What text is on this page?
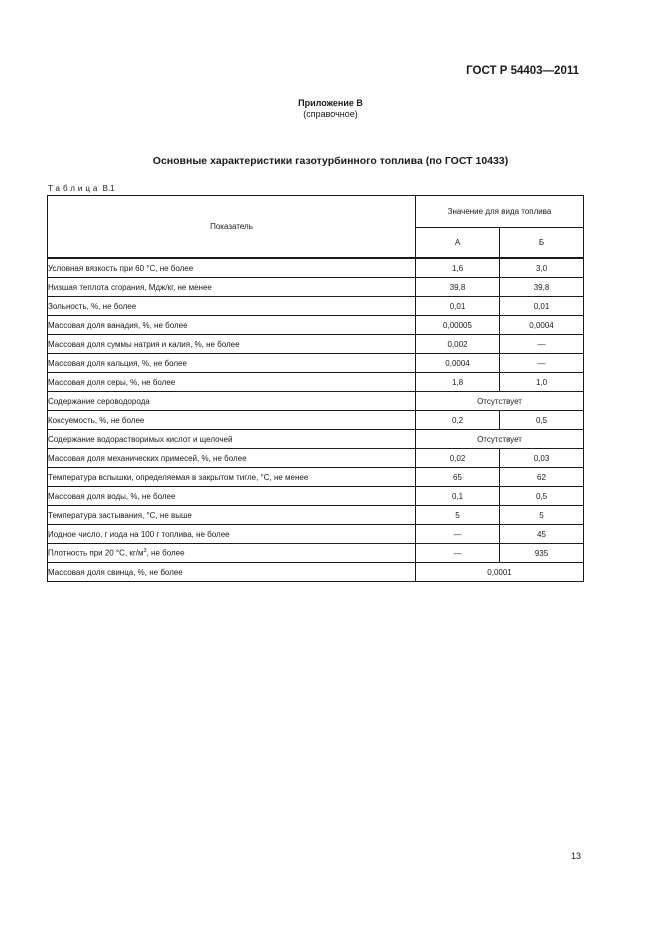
ГОСТ Р 54403—2011
Приложение В
(справочное)
Основные характеристики газотурбинного топлива (по ГОСТ 10433)
Таблица В.1
Показатель	Значение для вида топлива	
	А	Б
Условная вязкость при 60 °С, не более	1,6	3,0
Низшая теплота сгорания, Мдж/кг, не менее	39,8	39,8
Зольность, %, не более	0,01	0,01
Массовая доля ванадия, %, не более	0,00005	0,0004
Массовая доля суммы натрия и калия, %, не более	0,002	—
Массовая доля кальция, %, не более	0,0004	—
Массовая доля серы, %, не более	1,8	1,0
Содержание сероводорода	Отсутствует	
Коксуемость, %, не более	0,2	0,5
Содержание водорастворимых кислот и щелочей	Отсутствует	
Массовая доля механических примесей, %, не более	0,02	0,03
Температура вспышки, определяемая в закрытом тигле, °С, не менее	65	62
Массовая доля воды, %, не более	0,1	0,5
Температура застывания, °С, не выше	5	5
Иодное число, г иода на 100 г топлива, не более	—	45
Плотность при 20 °С, $кг/м^3$, не более	—	935
Массовая доля свинца, %, не более	0,0001	
13
